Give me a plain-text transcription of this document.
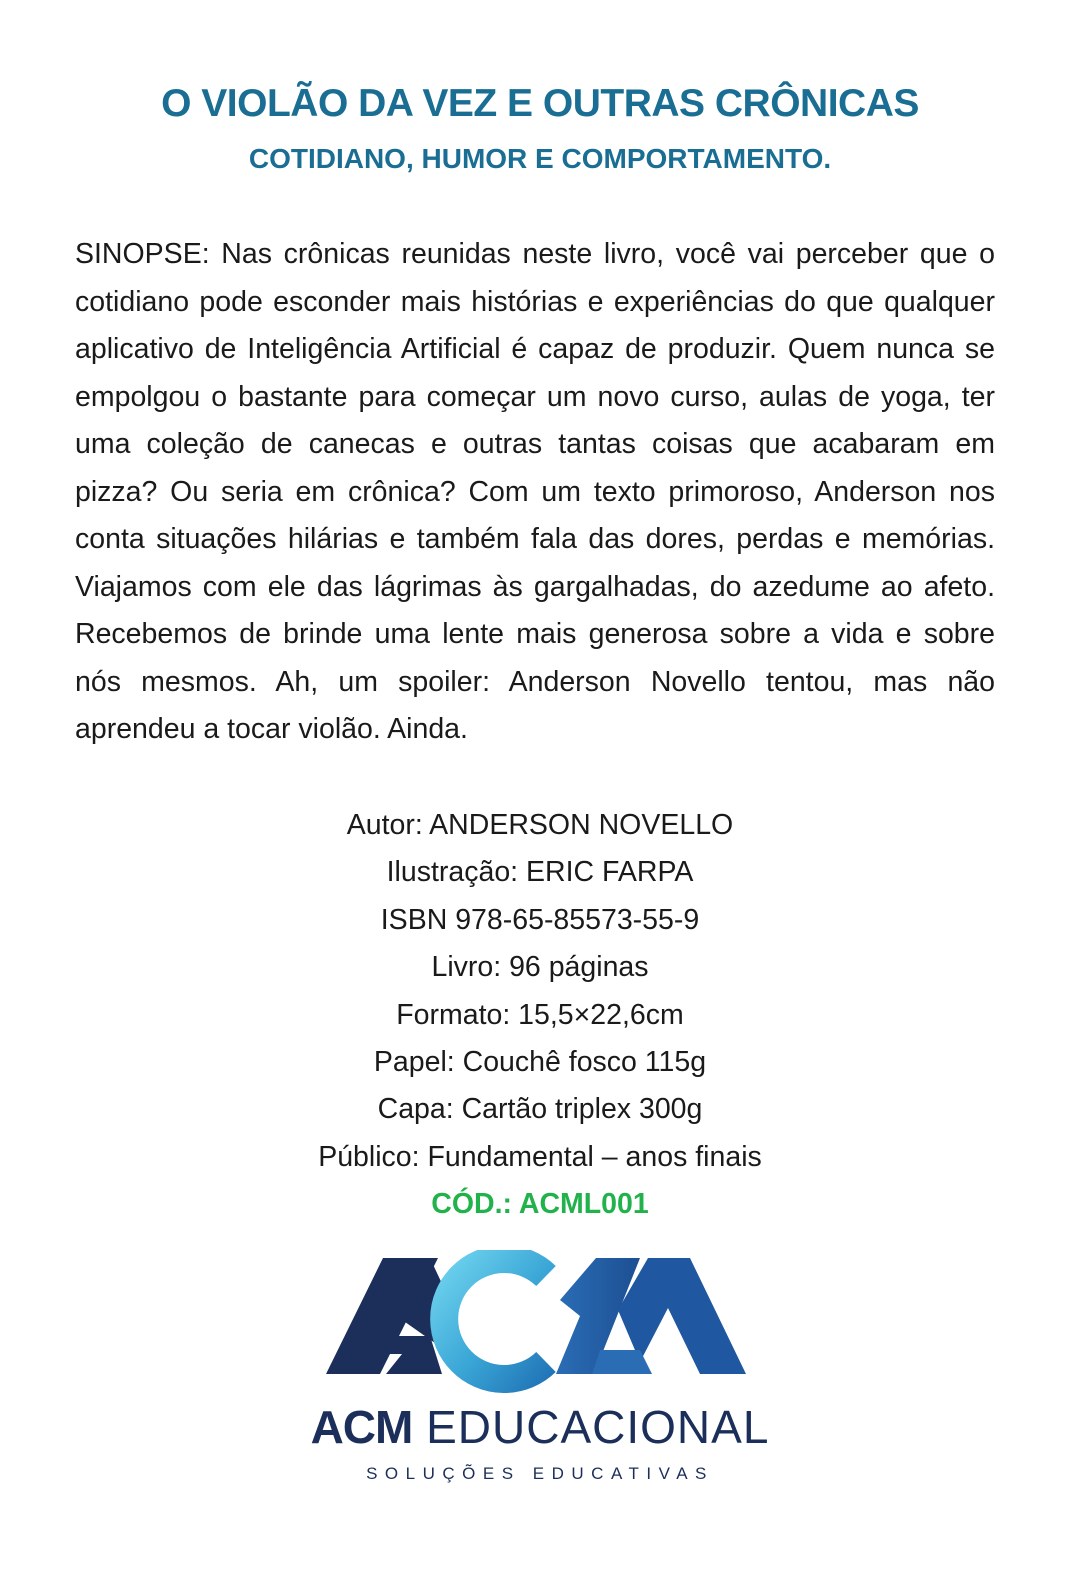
O VIOLÃO DA VEZ E OUTRAS CRÔNICAS
COTIDIANO, HUMOR E COMPORTAMENTO.

SINOPSE: Nas crônicas reunidas neste livro, você vai perceber que o cotidiano pode esconder mais histórias e experiências do que qualquer aplicativo de Inteligência Artificial é capaz de produzir. Quem nunca se empolgou o bastante para começar um novo curso, aulas de yoga, ter uma coleção de canecas e outras tantas coisas que acabaram em pizza? Ou seria em crônica? Com um texto primoroso, Anderson nos conta situações hilárias e também fala das dores, perdas e memórias. Viajamos com ele das lágrimas às gargalhadas, do azedume ao afeto. Recebemos de brinde uma lente mais generosa sobre a vida e sobre nós mesmos. Ah, um spoiler: Anderson Novello tentou, mas não aprendeu a tocar violão. Ainda.

Autor: ANDERSON NOVELLO
Ilustração: ERIC FARPA
ISBN 978-65-85573-55-9
Livro: 96 páginas
Formato: 15,5×22,6cm
Papel: Couchê fosco 115g
Capa: Cartão triplex 300g
Público: Fundamental – anos finais
CÓD.: ACML001
ACM EDUCACIONAL
SOLUÇÕES EDUCATIVAS
